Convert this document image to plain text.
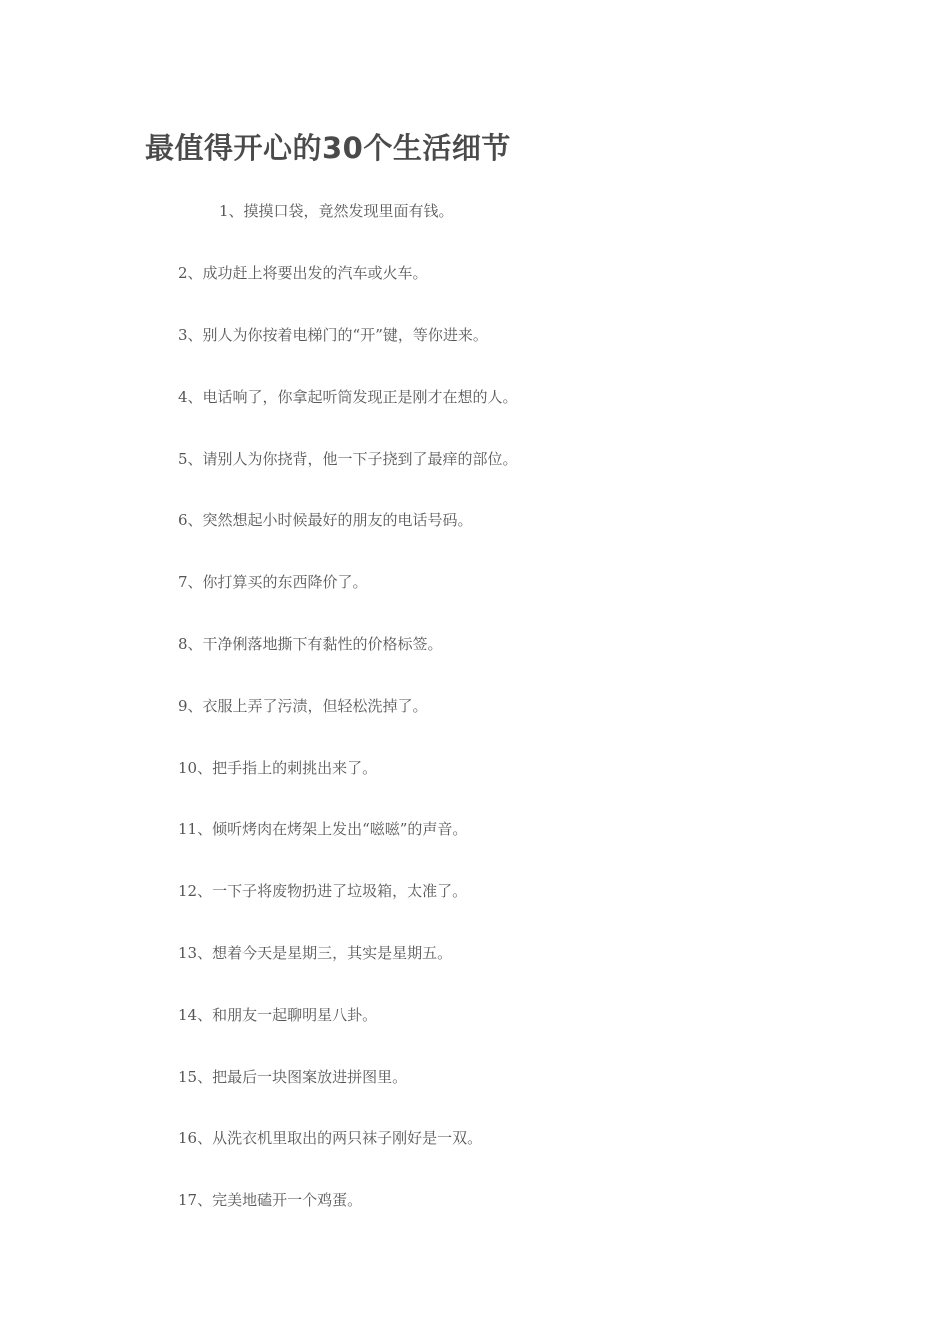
最值得开心的30个生活细节

1、摸摸口袋，竟然发现里面有钱。

2、成功赶上将要出发的汽车或火车。

3、别人为你按着电梯门的“开”键，等你进来。

4、电话响了，你拿起听筒发现正是刚才在想的人。

5、请别人为你挠背，他一下子挠到了最痒的部位。

6、突然想起小时候最好的朋友的电话号码。

7、你打算买的东西降价了。

8、干净俐落地撕下有黏性的价格标签。

9、衣服上弄了污渍，但轻松洗掉了。

10、把手指上的刺挑出来了。

11、倾听烤肉在烤架上发出“嗞嗞”的声音。

12、一下子将废物扔进了垃圾箱，太准了。

13、想着今天是星期三，其实是星期五。

14、和朋友一起聊明星八卦。

15、把最后一块图案放进拼图里。

16、从洗衣机里取出的两只袜子刚好是一双。

17、完美地磕开一个鸡蛋。
